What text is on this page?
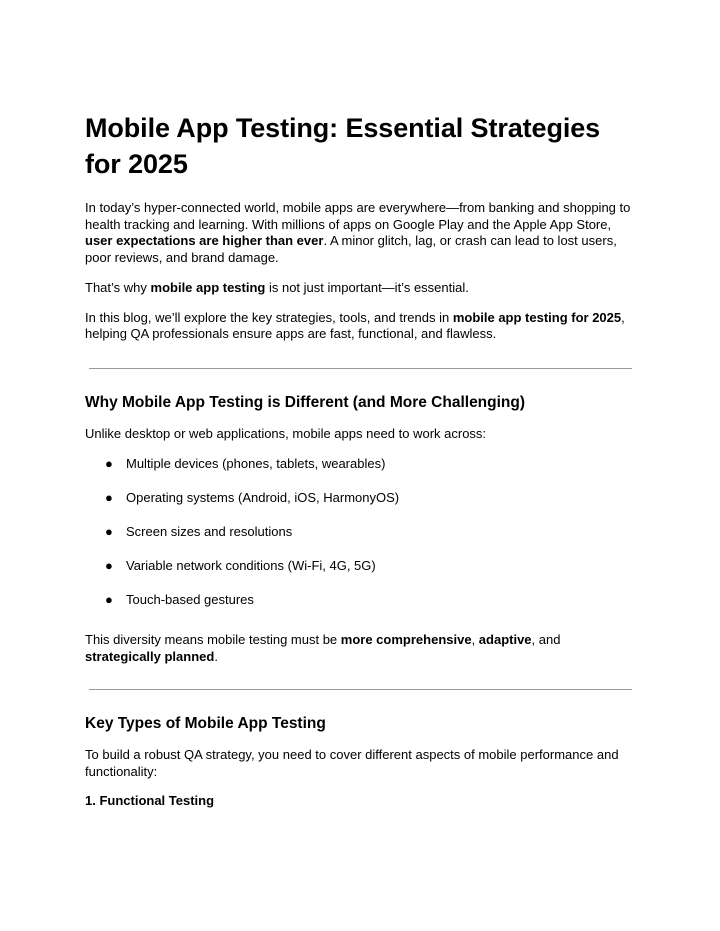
Mobile App Testing: Essential Strategies for 2025

In today’s hyper-connected world, mobile apps are everywhere—from banking and shopping to health tracking and learning. With millions of apps on Google Play and the Apple App Store, user expectations are higher than ever. A minor glitch, lag, or crash can lead to lost users, poor reviews, and brand damage.

That’s why mobile app testing is not just important—it’s essential.

In this blog, we’ll explore the key strategies, tools, and trends in mobile app testing for 2025, helping QA professionals ensure apps are fast, functional, and flawless.

Why Mobile App Testing is Different (and More Challenging)

Unlike desktop or web applications, mobile apps need to work across:

● Multiple devices (phones, tablets, wearables)
● Operating systems (Android, iOS, HarmonyOS)
● Screen sizes and resolutions
● Variable network conditions (Wi-Fi, 4G, 5G)
● Touch-based gestures

This diversity means mobile testing must be more comprehensive, adaptive, and strategically planned.

Key Types of Mobile App Testing

To build a robust QA strategy, you need to cover different aspects of mobile performance and functionality:

1. Functional Testing
